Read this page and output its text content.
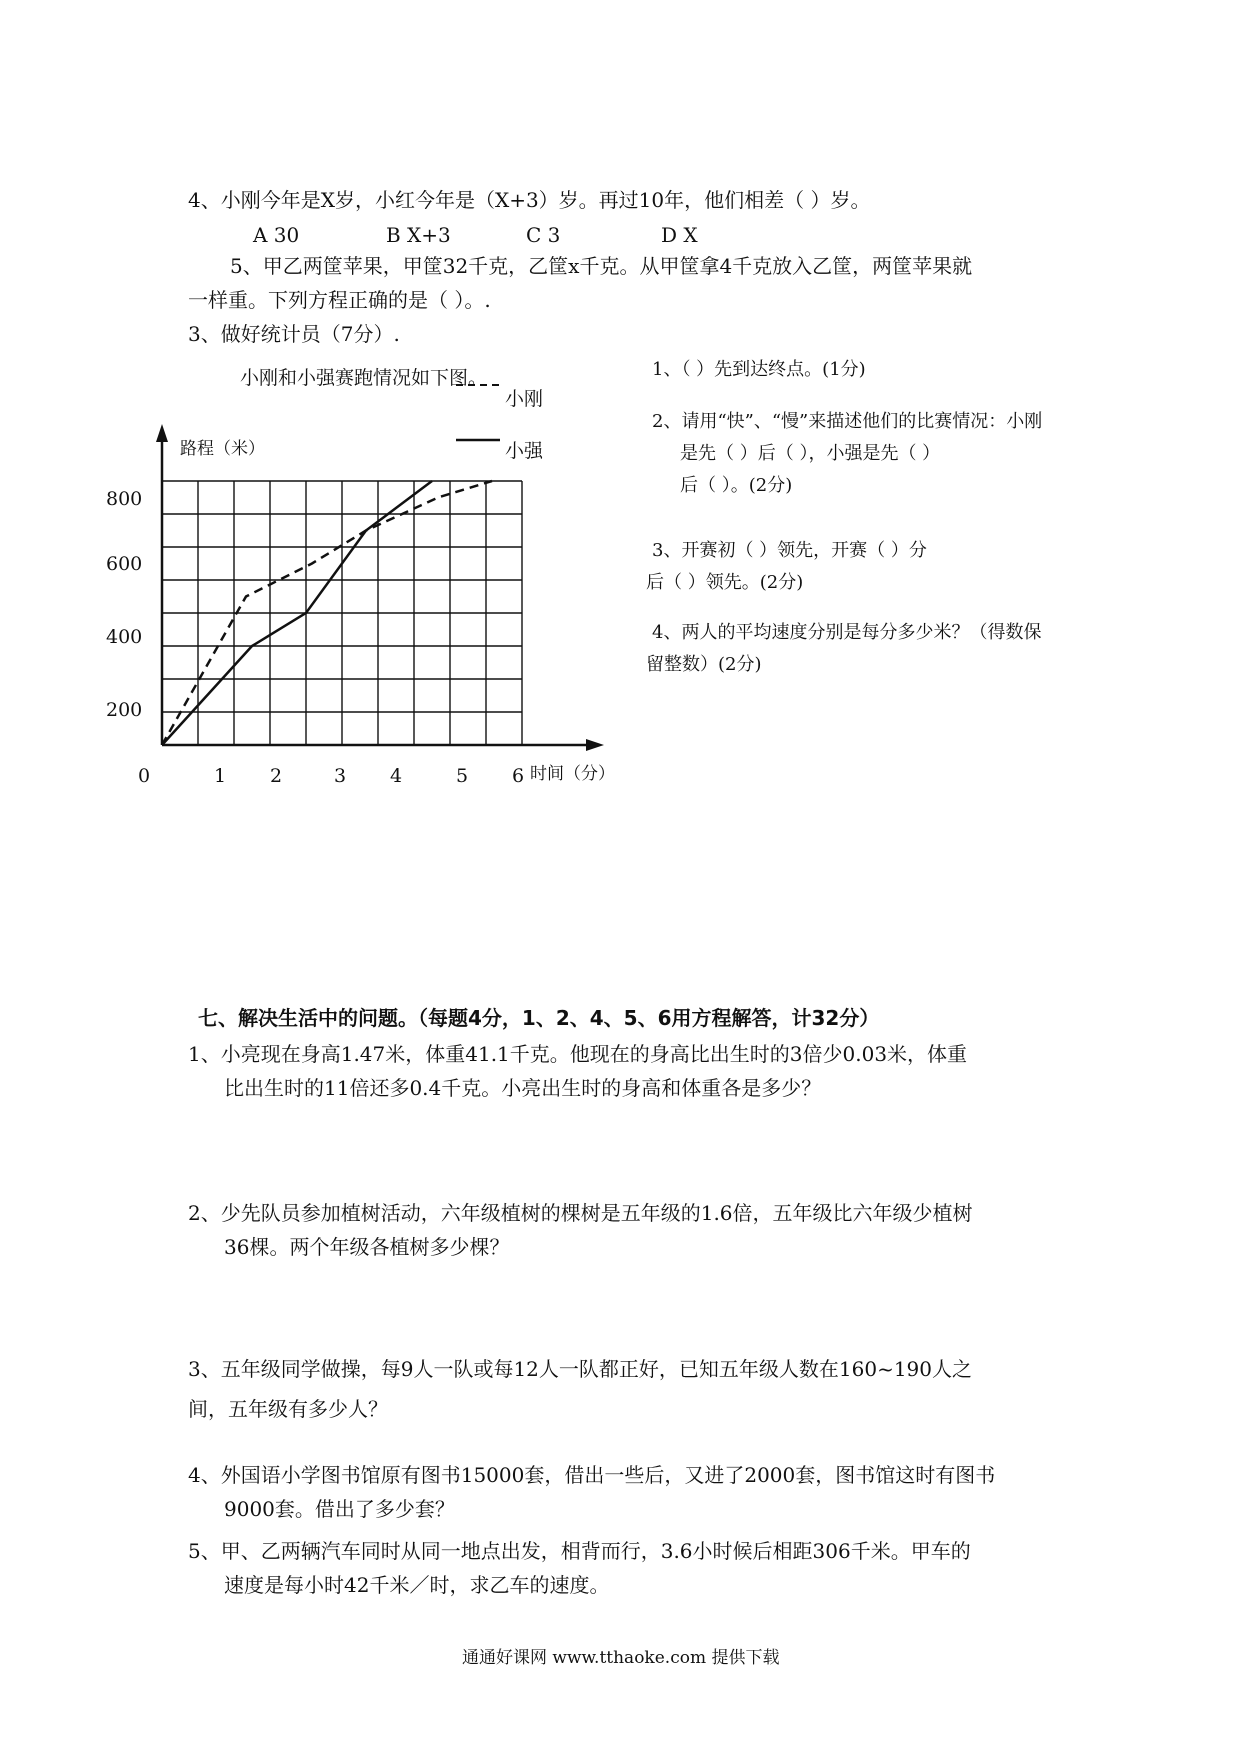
4、小刚今年是X岁，小红今年是（X+3）岁。再过10年，他们相差（ ）岁。
A 30	B X+3	C 3	D X
5、甲乙两筐苹果，甲筐32千克，乙筐x千克。从甲筐拿4千克放入乙筐，两筐苹果就
一样重。下列方程正确的是（ ）。.
3、做好统计员（7分）.
小刚和小强赛跑情况如下图。
路程（米）
时间（分）
800
600
400
200
0	1 2	3 4	5 6
小刚
小强
1、（ ）先到达终点。(1分)
2、请用“快”、“慢”来描述他们的比赛情况：小刚
是先（ ）后（ ），小强是先（ ）
后（ ）。(2分)
3、开赛初（ ）领先，开赛（ ）分
后（ ）领先。(2分)
4、两人的平均速度分别是每分多少米？（得数保
留整数）(2分)
七、解决生活中的问题。（每题4分，1、2、4、5、6用方程解答，计32分）
1、小亮现在身高1.47米，体重41.1千克。他现在的身高比出生时的3倍少0.03米，体重
比出生时的11倍还多0.4千克。小亮出生时的身高和体重各是多少？
2、少先队员参加植树活动，六年级植树的棵树是五年级的1.6倍，五年级比六年级少植树
36棵。两个年级各植树多少棵？
3、五年级同学做操，每9人一队或每12人一队都正好，已知五年级人数在160~190人之
间，五年级有多少人？
4、外国语小学图书馆原有图书15000套，借出一些后，又进了2000套，图书馆这时有图书
9000套。借出了多少套？
5、甲、乙两辆汽车同时从同一地点出发，相背而行，3.6小时候后相距306千米。甲车的
速度是每小时42千米／时，求乙车的速度。
通通好课网 www.tthaoke.com 提供下载
